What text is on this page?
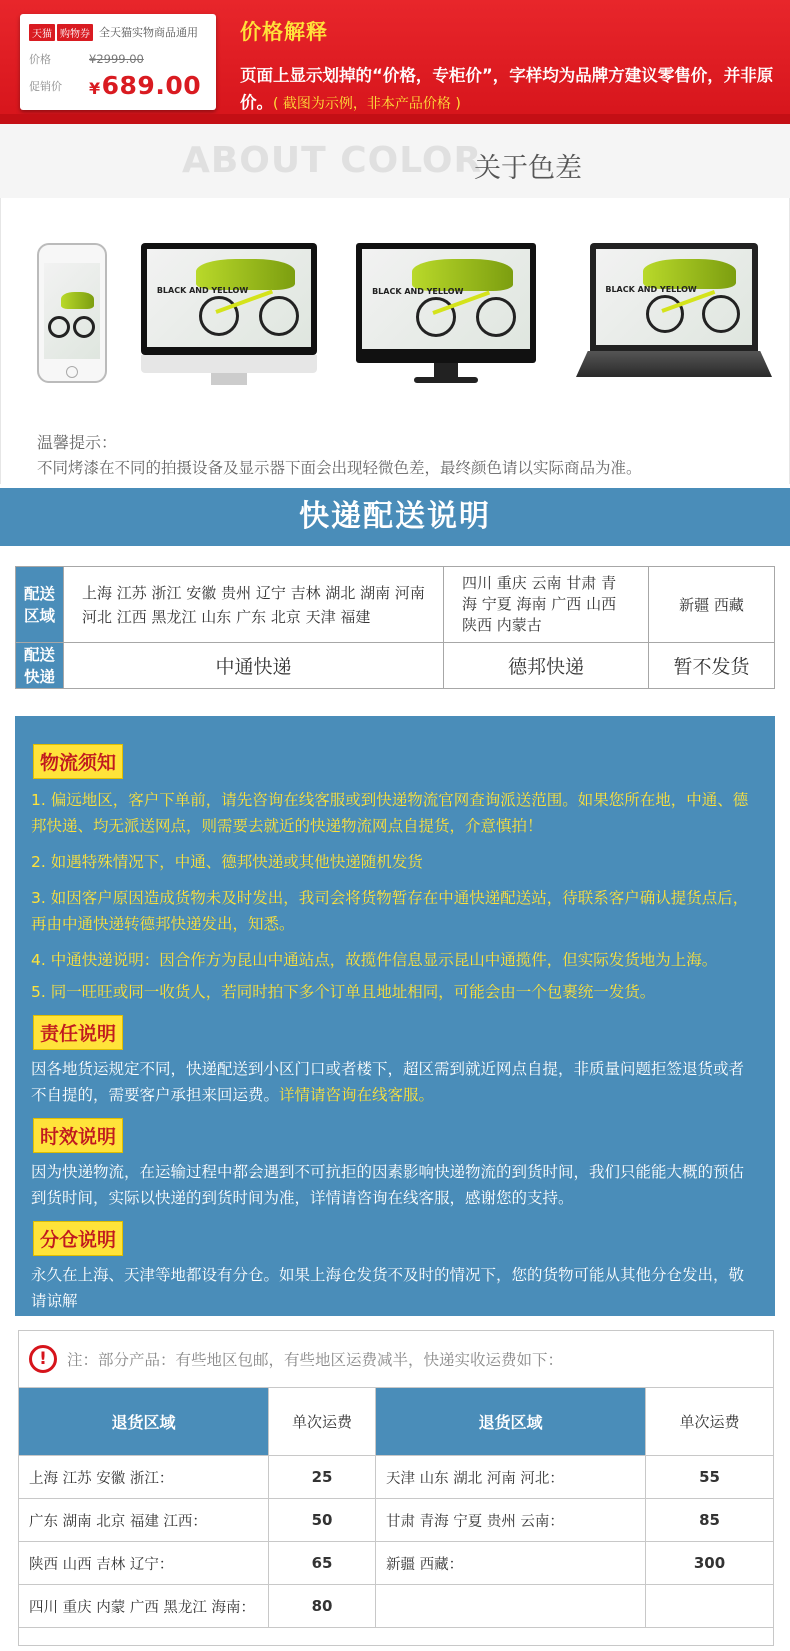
天猫 购物券 全天猫实物商品通用
价格	¥2999.00
促销价	¥689.00
价格解释
页面上显示划掉的“价格，专柜价”，字样均为品牌方建议零售价，并非原价。( 截图为示例，非本产品价格 )
ABOUT COLOR
关于色差
BLACK AND YELLOW	BLACK AND YELLOW	BLACK AND YELLOW
温馨提示：
不同烤漆在不同的拍摄设备及显示器下面会出现轻微色差，最终颜色请以实际商品为准。
快递配送说明
配送
区域	上海 江苏 浙江 安徽 贵州 辽宁 吉林 湖北 湖南 河南 河北 江西 黑龙江 山东 广东 北京 天津 福建	四川 重庆 云南 甘肃 青海 宁夏 海南 广西 山西 陕西 内蒙古	新疆 西藏
配送
快递	中通快递	德邦快递	暂不发货
物流须知

1. 偏远地区，客户下单前，请先咨询在线客服或到快递物流官网查询派送范围。如果您所在地，中通、德邦快递、均无派送网点，则需要去就近的快递物流网点自提货，介意慎拍！

2. 如遇特殊情况下，中通、德邦快递或其他快递随机发货

3. 如因客户原因造成货物未及时发出，我司会将货物暂存在中通快递配送站，待联系客户确认提货点后，再由中通快递转德邦快递发出，知悉。

4. 中通快递说明：因合作方为昆山中通站点，故揽件信息显示昆山中通揽件，但实际发货地为上海。

5. 同一旺旺或同一收货人，若同时拍下多个订单且地址相同，可能会由一个包裹统一发货。

责任说明

因各地货运规定不同，快递配送到小区门口或者楼下，超区需到就近网点自提，非质量问题拒签退货或者不自提的，需要客户承担来回运费。详情请咨询在线客服。

时效说明

因为快递物流，在运输过程中都会遇到不可抗拒的因素影响快递物流的到货时间，我们只能能大概的预估到货时间，实际以快递的到货时间为准，详情请咨询在线客服，感谢您的支持。

分仓说明

永久在上海、天津等地都设有分仓。如果上海仓发货不及时的情况下，您的货物可能从其他分仓发出，敬请谅解

!	注：部分产品：有些地区包邮，有些地区运费减半，快递实收运费如下：
退货区域	单次运费	退货区域	单次运费
上海 江苏 安徽 浙江：	25	天津 山东 湖北 河南 河北：	55
广东 湖南 北京 福建 江西：	50	甘肃 青海 宁夏 贵州 云南：	85
陕西 山西 吉林 辽宁：	65	新疆 西藏：	300
四川 重庆 内蒙 广西 黑龙江 海南：	80		
